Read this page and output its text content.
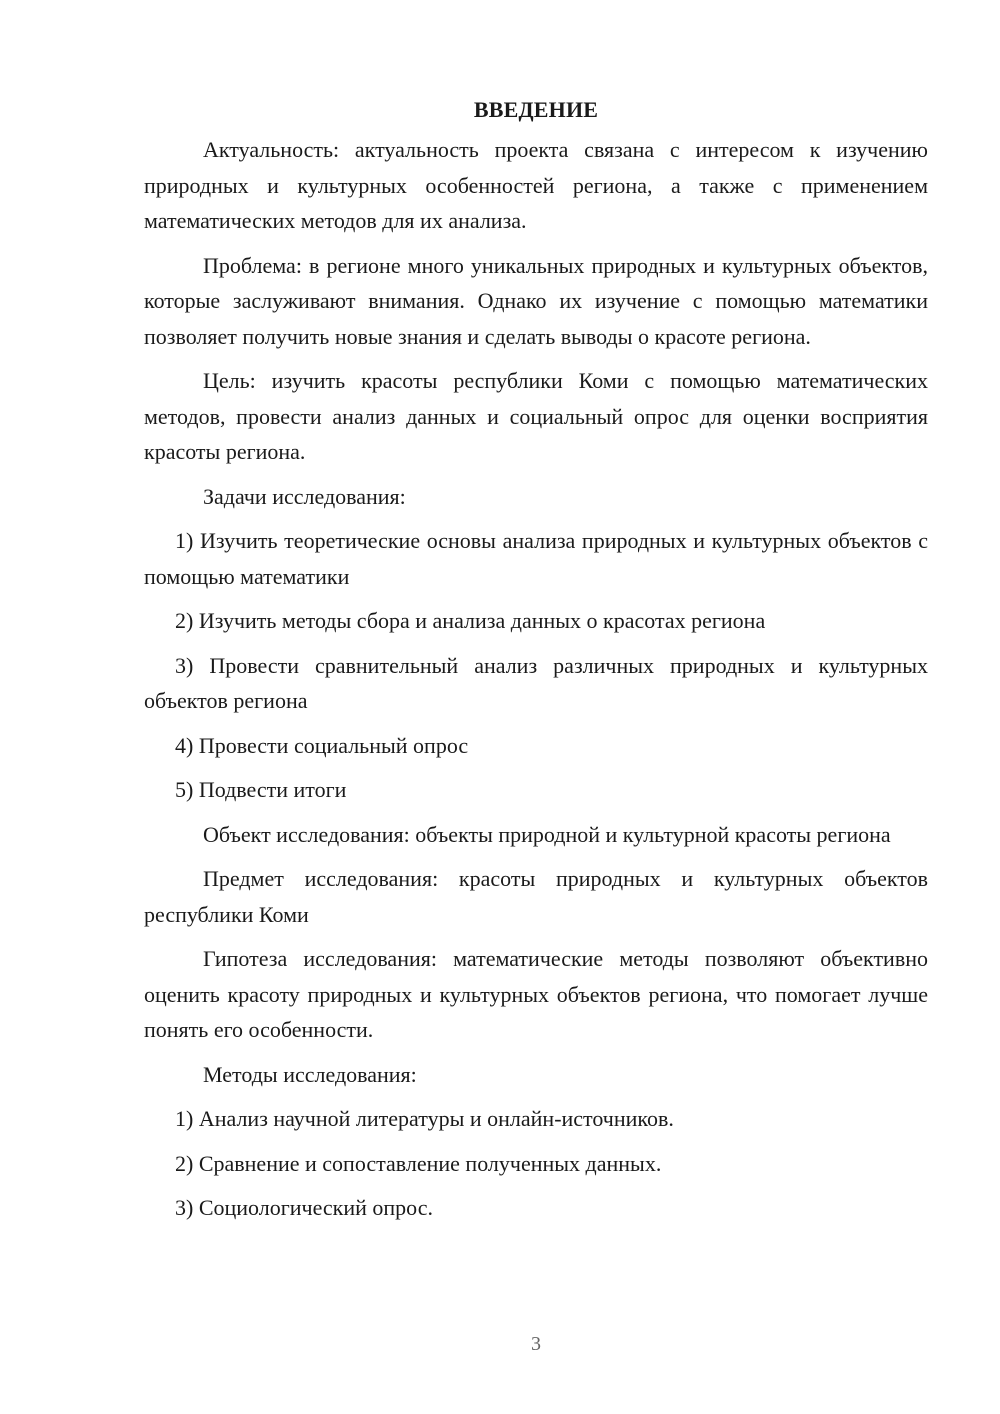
ВВЕДЕНИЕ

Актуальность: актуальность проекта связана с интересом к изучению природных и культурных особенностей региона, а также с применением математических методов для их анализа.

Проблема: в регионе много уникальных природных и культурных объектов, которые заслуживают внимания. Однако их изучение с помощью математики позволяет получить новые знания и сделать выводы о красоте региона.

Цель: изучить красоты республики Коми с помощью математических методов, провести анализ данных и социальный опрос для оценки восприятия красоты региона.

Задачи исследования:

1) Изучить теоретические основы анализа природных и культурных объектов с помощью математики

2) Изучить методы сбора и анализа данных о красотах региона

3) Провести сравнительный анализ различных природных и культурных объектов региона

4) Провести социальный опрос

5) Подвести итоги

Объект исследования: объекты природной и культурной красоты региона

Предмет исследования: красоты природных и культурных объектов республики Коми

Гипотеза исследования: математические методы позволяют объективно оценить красоту природных и культурных объектов региона, что помогает лучше понять его особенности.

Методы исследования:

1) Анализ научной литературы и онлайн-источников.

2) Сравнение и сопоставление полученных данных.

3) Социологический опрос.

3
